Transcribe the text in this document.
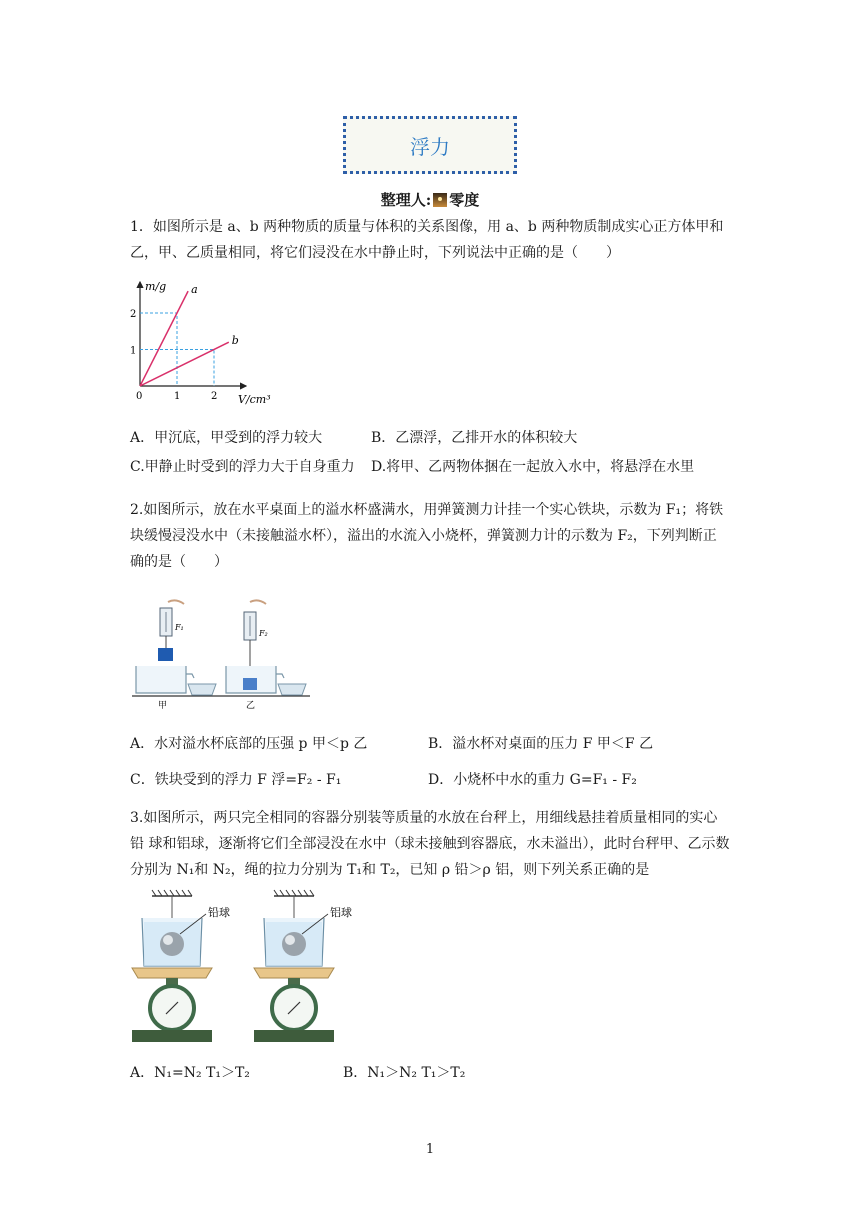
浮力
整理人: 零度
1．如图所示是 a、b 两种物质的质量与体积的关系图像，用 a、b 两种物质制成实心正方体甲和乙，甲、乙质量相同，将它们浸没在水中静止时，下列说法中正确的是（　　）
a
b
0	1	2
1
2
m/g
V/cm³
A．甲沉底，甲受到的浮力较大	B．乙漂浮，乙排开水的体积较大
C.甲静止时受到的浮力大于自身重力 D.将甲、乙两物体捆在一起放入水中，将悬浮在水里
2.如图所示，放在水平桌面上的溢水杯盛满水，用弹簧测力计挂一个实心铁块，示数为 F₁；将铁块缓慢浸没水中（未接触溢水杯），溢出的水流入小烧杯，弹簧测力计的示数为 F₂，下列判断正确的是（　　）
F₁
甲
F₂
乙
A．水对溢水杯底部的压强 p 甲＜p 乙	B．溢水杯对桌面的压力 F 甲＜F 乙
C．铁块受到的浮力 F 浮=F₂ - F₁	D．小烧杯中水的重力 G=F₁ - F₂
3.如图所示，两只完全相同的容器分别装等质量的水放在台秤上，用细线悬挂着质量相同的实心铅 球和铝球，逐渐将它们全部浸没在水中（球未接触到容器底，水未溢出），此时台秤甲、乙示数分别为 N₁和 N₂，绳的拉力分别为 T₁和 T₂，已知 ρ 铅＞ρ 铝，则下列关系正确的是
铅球	铝球
A．N₁=N₂ T₁＞T₂	B．N₁＞N₂ T₁＞T₂
1
